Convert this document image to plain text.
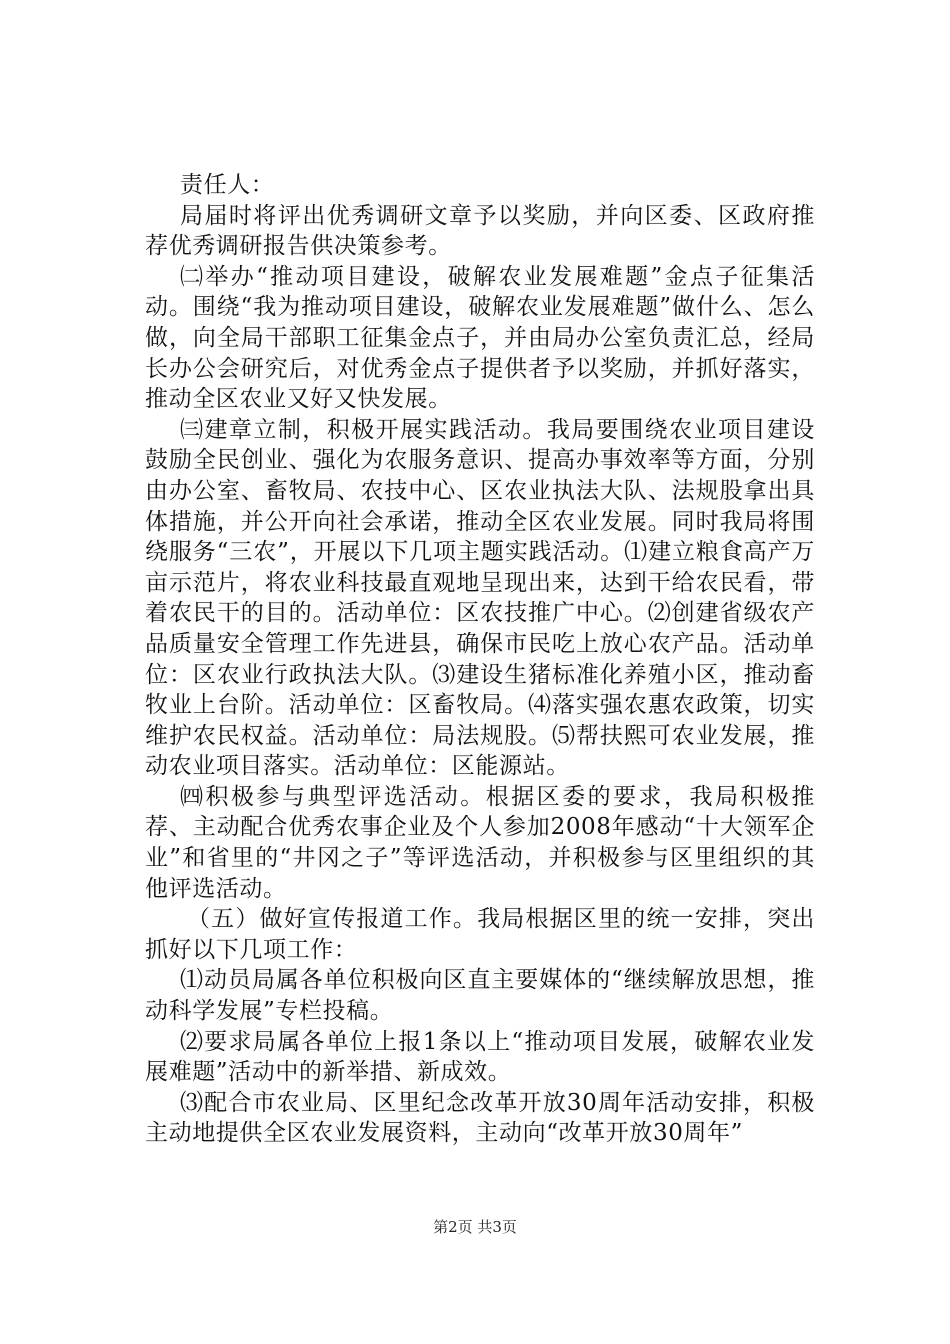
责任人：

局届时将评出优秀调研文章予以奖励，并向区委、区政府推荐优秀调研报告供决策参考。

㈡举办“推动项目建设，破解农业发展难题”金点子征集活动。围绕“我为推动项目建设，破解农业发展难题”做什么、怎么做，向全局干部职工征集金点子，并由局办公室负责汇总，经局长办公会研究后，对优秀金点子提供者予以奖励，并抓好落实，推动全区农业又好又快发展。

㈢建章立制，积极开展实践活动。我局要围绕农业项目建设鼓励全民创业、强化为农服务意识、提高办事效率等方面，分别由办公室、畜牧局、农技中心、区农业执法大队、法规股拿出具体措施，并公开向社会承诺，推动全区农业发展。同时我局将围绕服务“三农”，开展以下几项主题实践活动。⑴建立粮食高产万亩示范片，将农业科技最直观地呈现出来，达到干给农民看，带着农民干的目的。活动单位：区农技推广中心。⑵创建省级农产品质量安全管理工作先进县，确保市民吃上放心农产品。活动单位：区农业行政执法大队。⑶建设生猪标准化养殖小区，推动畜牧业上台阶。活动单位：区畜牧局。⑷落实强农惠农政策，切实维护农民权益。活动单位：局法规股。⑸帮扶熙可农业发展，推动农业项目落实。活动单位：区能源站。

㈣积极参与典型评选活动。根据区委的要求，我局积极推荐、主动配合优秀农事企业及个人参加2008年感动“十大领军企业”和省里的“井冈之子”等评选活动，并积极参与区里组织的其他评选活动。

（五）做好宣传报道工作。我局根据区里的统一安排，突出抓好以下几项工作：

⑴动员局属各单位积极向区直主要媒体的“继续解放思想，推动科学发展”专栏投稿。

⑵要求局属各单位上报1条以上“推动项目发展，破解农业发展难题”活动中的新举措、新成效。

⑶配合市农业局、区里纪念改革开放30周年活动安排，积极主动地提供全区农业发展资料，主动向“改革开放30周年”

第2页 共3页
